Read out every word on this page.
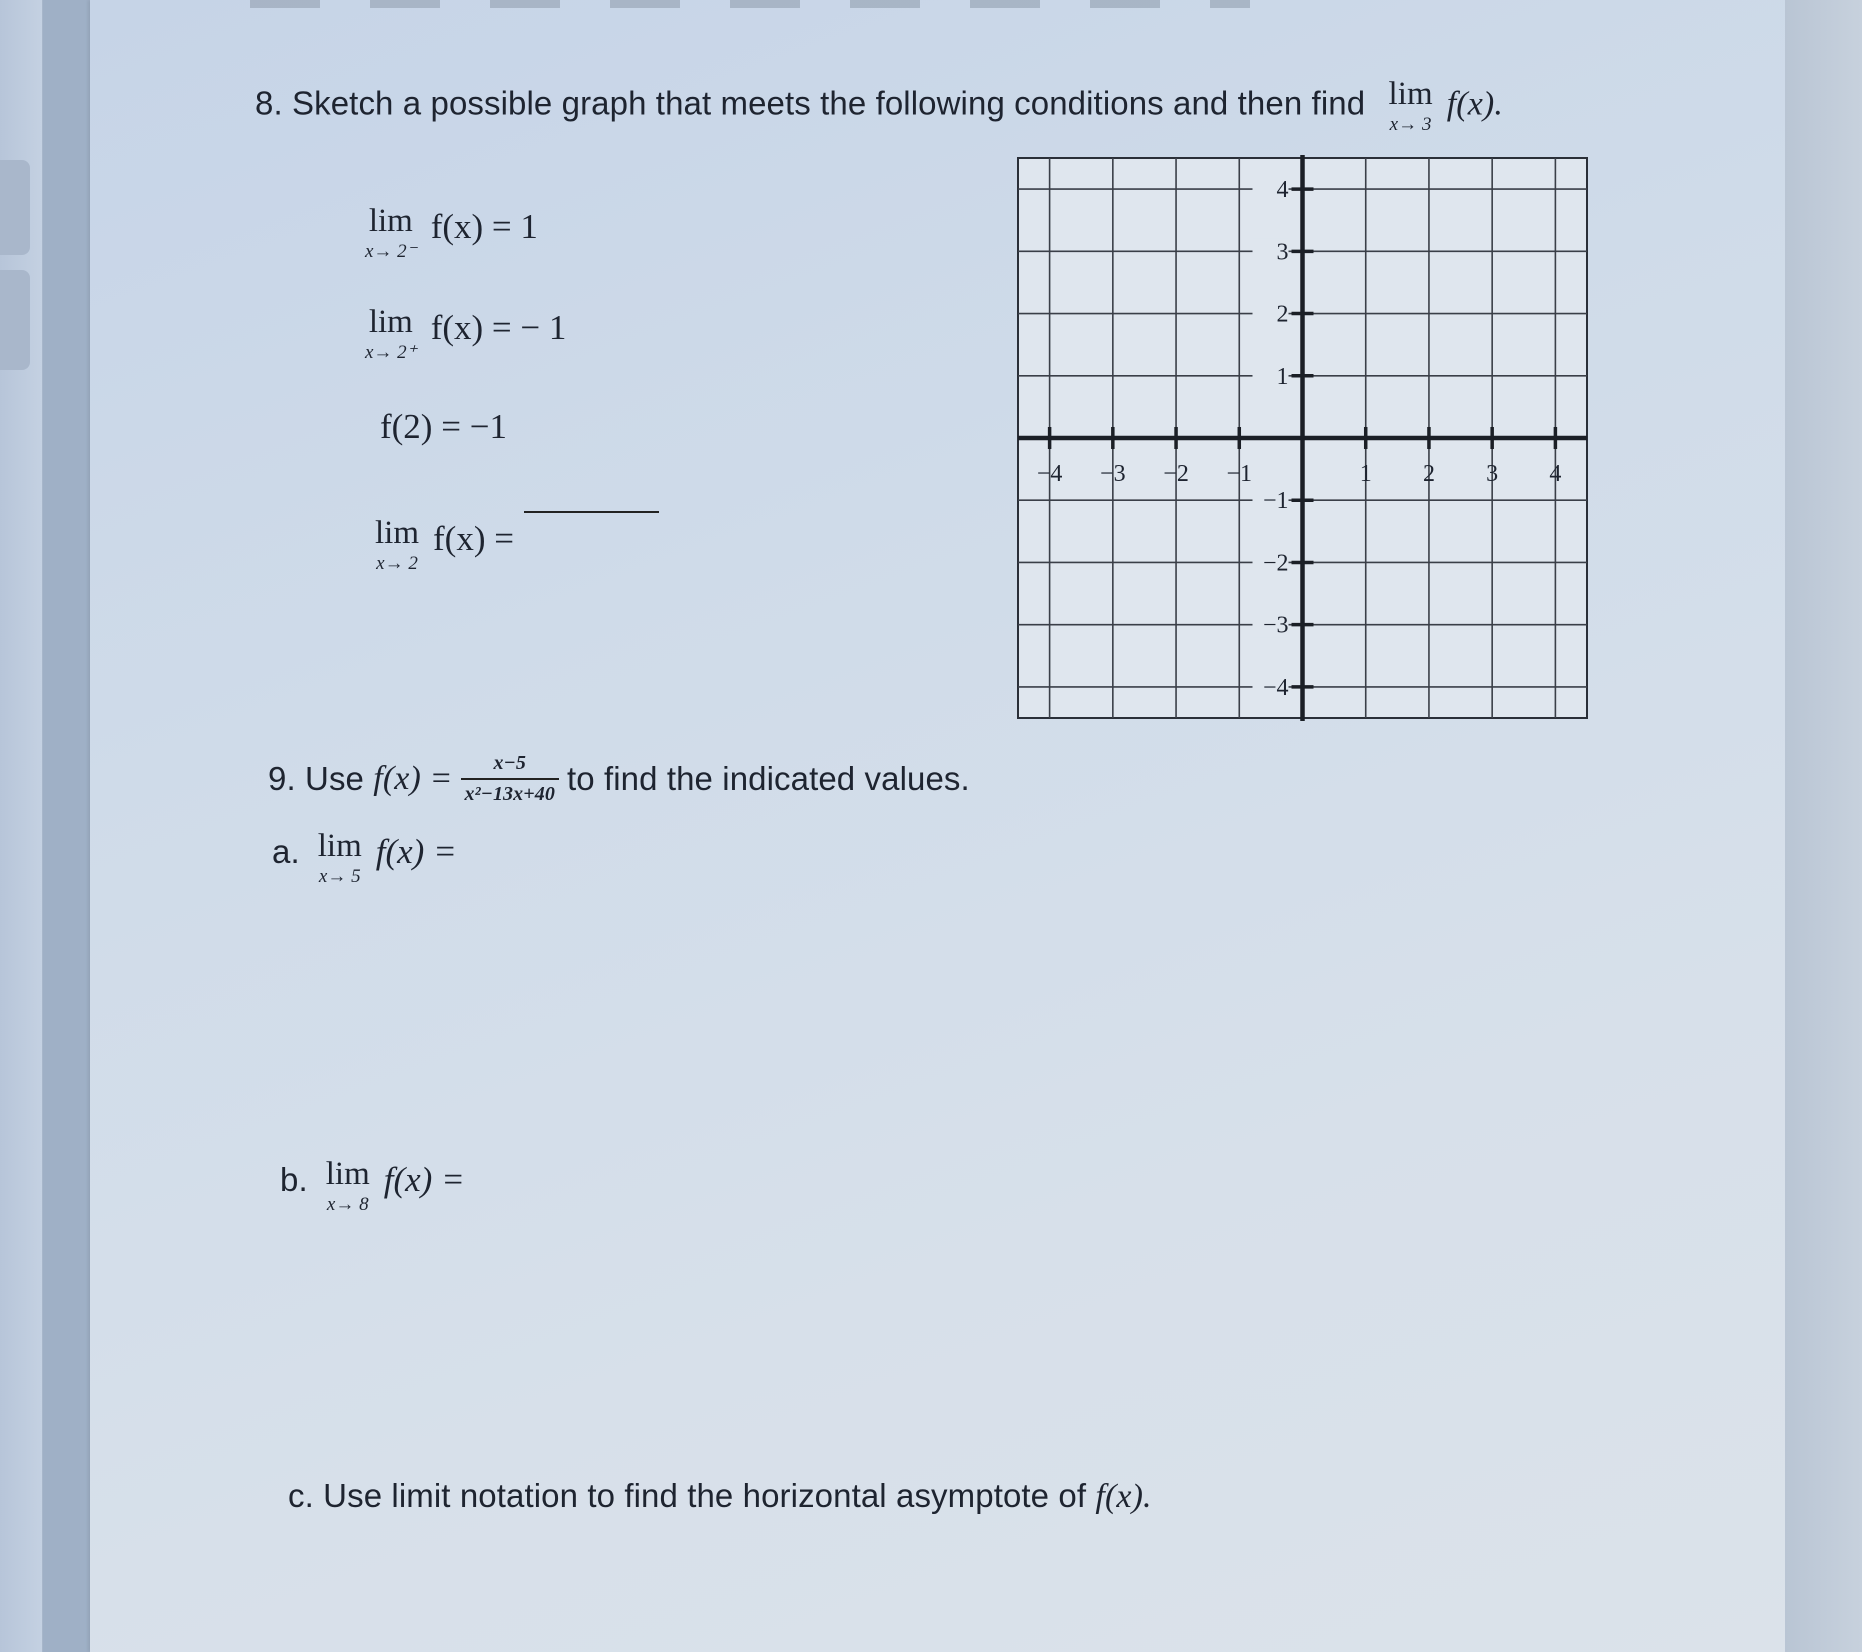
8. Sketch a possible graph that meets the following conditions and then find lim
x→ 3
f(x).
lim
x→ 2⁻
f(x) = 1
lim
x→ 2⁺
f(x) = − 1
f(2) = −1
lim
x→ 2
f(x) =
−4 −3 −2 −1	1 2 3 4
4
3
2
1
−1
−2
−3
−4
9.
Use
$f(x) = \frac{x-5}{\text{x²−13x+40}}$ to find the indicated values.
a. lim
x→ 5
f(x) =
b. lim
x→ 8
f(x) =
c. Use limit notation to find the horizontal asymptote of f(x).
